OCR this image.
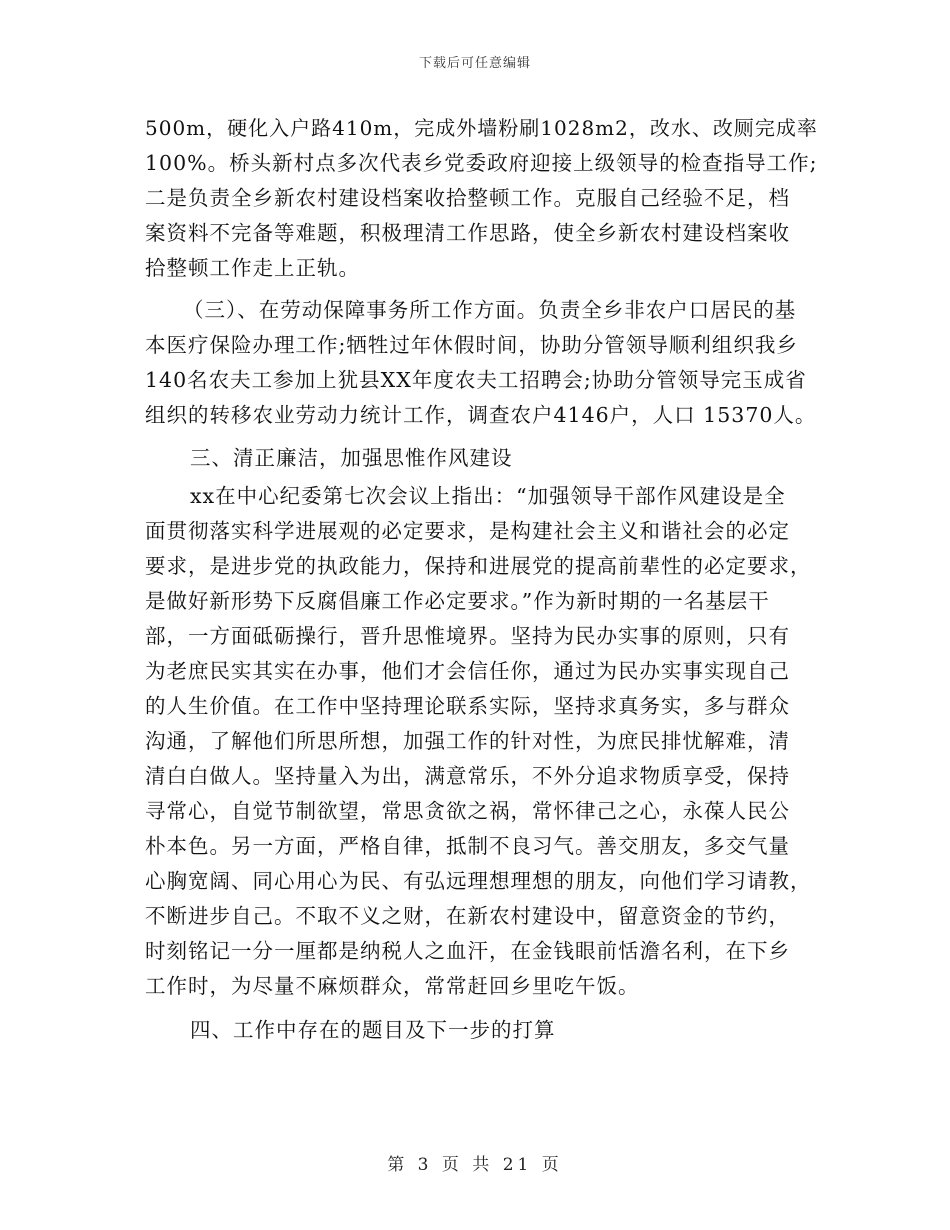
下载后可任意编辑
500m，硬化入户路410m，完成外墙粉刷1028m2，改水、改厕完成率
100%。桥头新村点多次代表乡党委政府迎接上级领导的检查指导工作;
二是负责全乡新农村建设档案收拾整顿工作。克服自己经验不足，档
案资料不完备等难题，积极理清工作思路，使全乡新农村建设档案收
拾整顿工作走上正轨。
（三）、在劳动保障事务所工作方面。负责全乡非农户口居民的基
本医疗保险办理工作;牺牲过年休假时间，协助分管领导顺利组织我乡
140名农夫工参加上犹县XX年度农夫工招聘会;协助分管领导完玉成省
组织的转移农业劳动力统计工作，调查农户4146户，人口 15370人。
三、清正廉洁，加强思惟作风建设
xx在中心纪委第七次会议上指出：“加强领导干部作风建设是全
面贯彻落实科学进展观的必定要求，是构建社会主义和谐社会的必定
要求，是进步党的执政能力，保持和进展党的提高前辈性的必定要求，
是做好新形势下反腐倡廉工作必定要求。”作为新时期的一名基层干
部，一方面砥砺操行，晋升思惟境界。坚持为民办实事的原则，只有
为老庶民实其实在办事，他们才会信任你，通过为民办实事实现自己
的人生价值。在工作中坚持理论联系实际，坚持求真务实，多与群众
沟通，了解他们所思所想，加强工作的针对性，为庶民排忧解难，清
清白白做人。坚持量入为出，满意常乐，不外分追求物质享受，保持
寻常心，自觉节制欲望，常思贪欲之祸，常怀律己之心，永葆人民公
朴本色。另一方面，严格自律，抵制不良习气。善交朋友，多交气量
心胸宽阔、同心用心为民、有弘远理想理想的朋友，向他们学习请教，
不断进步自己。不取不义之财，在新农村建设中，留意资金的节约，
时刻铭记一分一厘都是纳税人之血汗，在金钱眼前恬澹名利，在下乡
工作时，为尽量不麻烦群众，常常赶回乡里吃午饭。
四、工作中存在的题目及下一步的打算
第 3 页 共 21 页
